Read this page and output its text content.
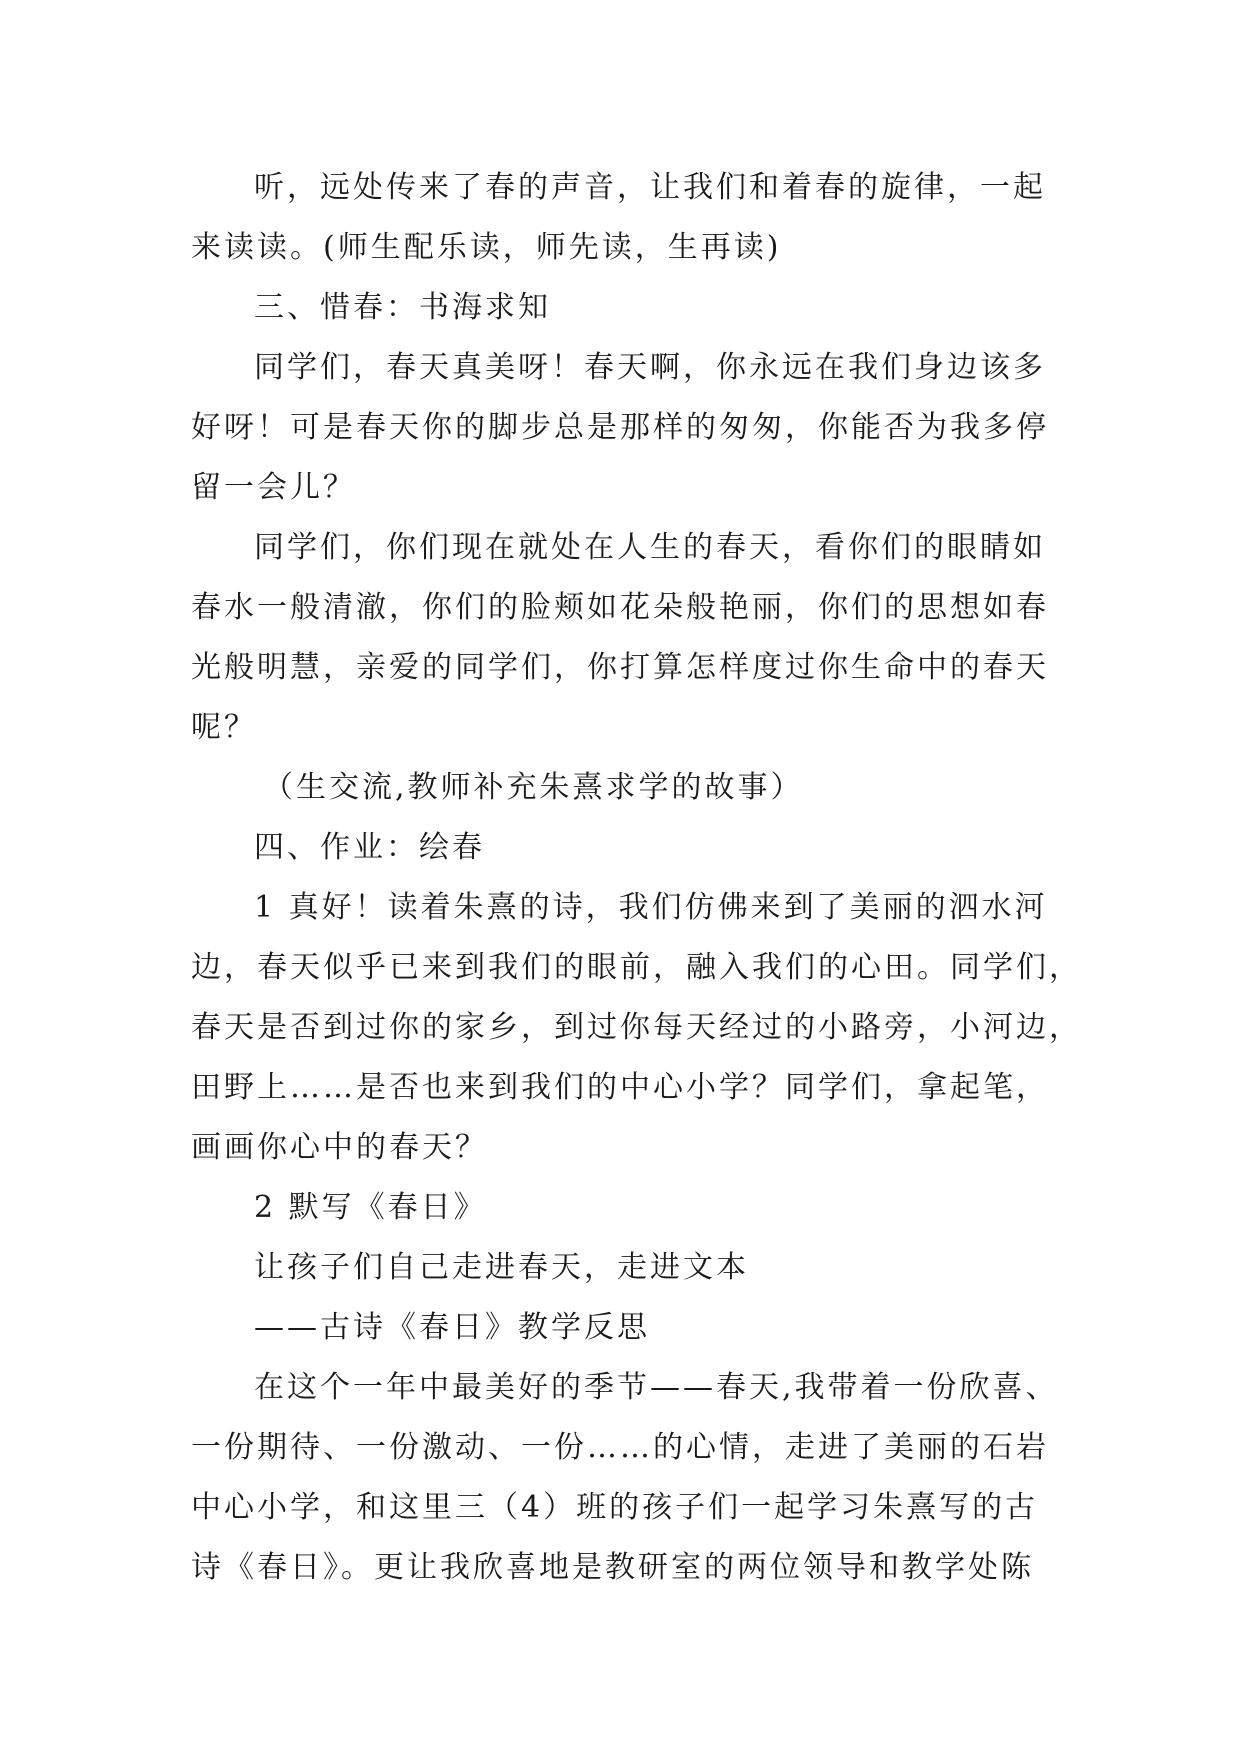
听，远处传来了春的声音，让我们和着春的旋律，一起
来读读。(师生配乐读，师先读，生再读)
三、惜春：书海求知
同学们，春天真美呀！春天啊，你永远在我们身边该多
好呀！可是春天你的脚步总是那样的匆匆，你能否为我多停
留一会儿？
同学们，你们现在就处在人生的春天，看你们的眼睛如
春水一般清澈，你们的脸颊如花朵般艳丽，你们的思想如春
光般明慧，亲爱的同学们，你打算怎样度过你生命中的春天
呢？
（生交流,教师补充朱熹求学的故事）
四、作业：绘春
1 真好！读着朱熹的诗，我们仿佛来到了美丽的泗水河
边，春天似乎已来到我们的眼前，融入我们的心田。同学们，
春天是否到过你的家乡，到过你每天经过的小路旁，小河边，
田野上……是否也来到我们的中心小学？同学们，拿起笔，
画画你心中的春天？
2 默写《春日》
让孩子们自己走进春天，走进文本
——古诗《春日》教学反思
在这个一年中最美好的季节——春天,我带着一份欣喜、
一份期待、一份激动、一份……的心情，走进了美丽的石岩
中心小学，和这里三（4）班的孩子们一起学习朱熹写的古
诗《春日》。更让我欣喜地是教研室的两位领导和教学处陈
